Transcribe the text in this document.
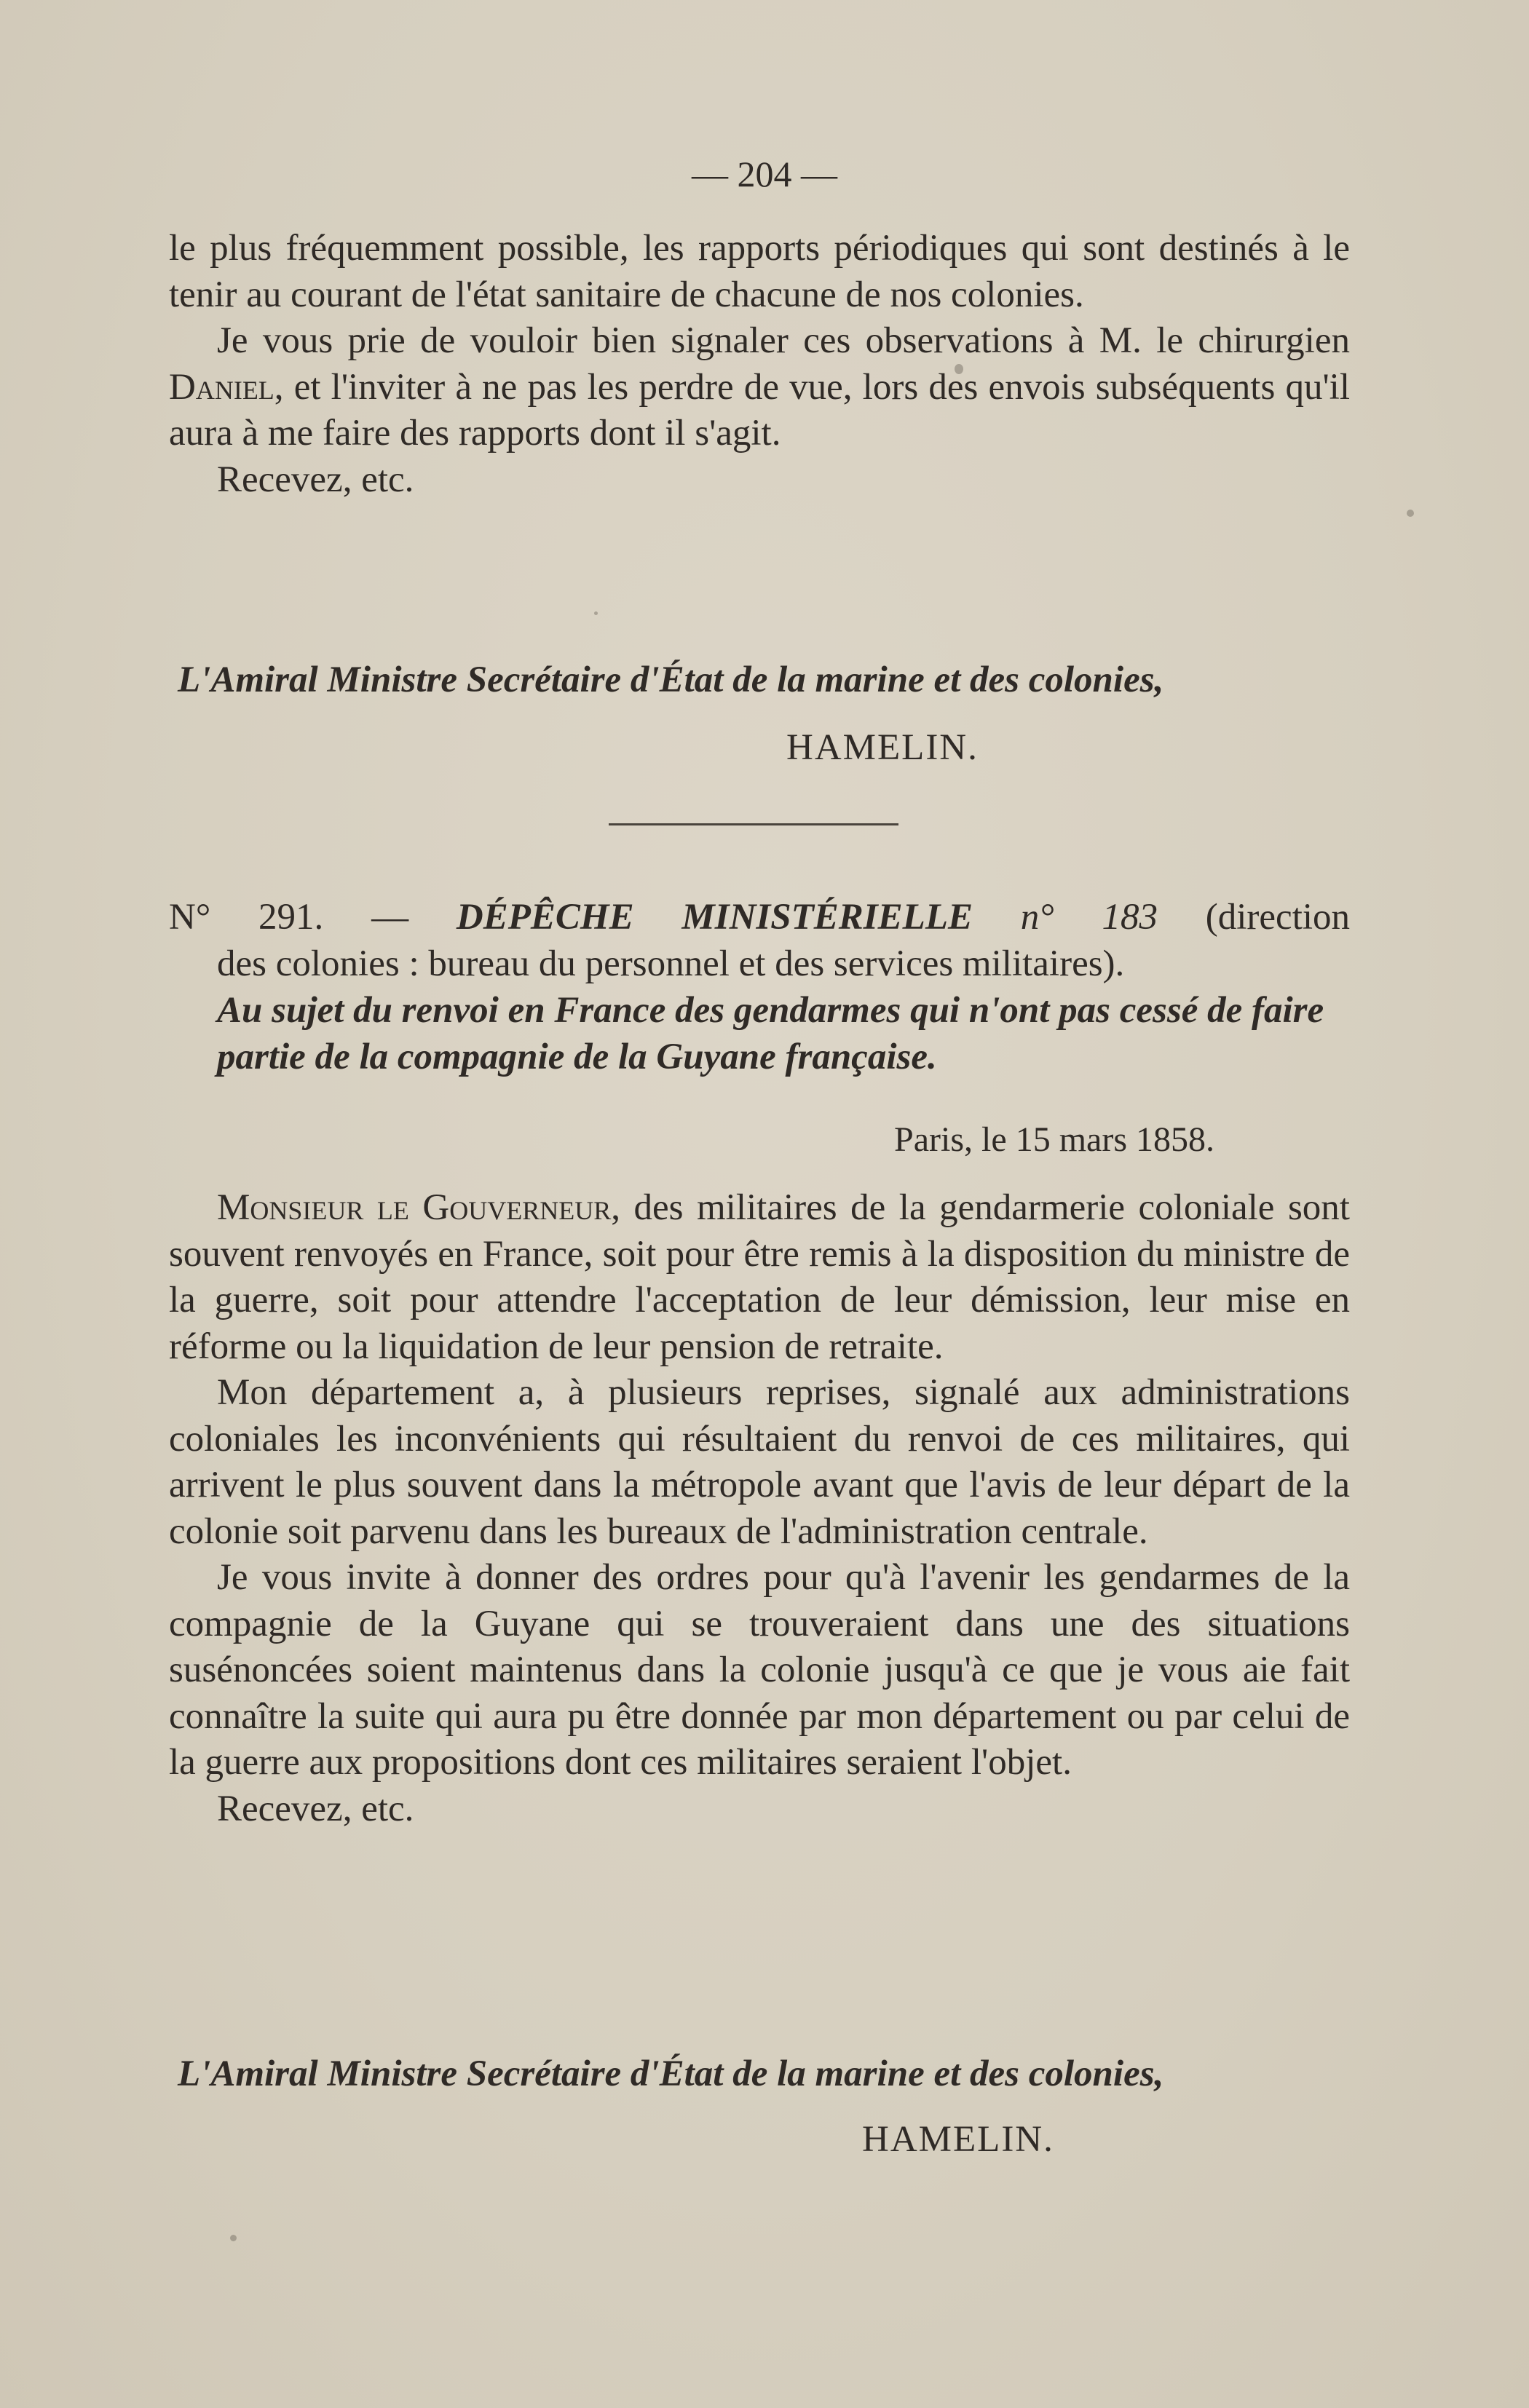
— 204 —

le plus fréquemment possible, les rapports périodiques qui sont destinés à le tenir au courant de l'état sanitaire de chacune de nos colonies.

Je vous prie de vouloir bien signaler ces observations à M. le chirurgien Daniel, et l'inviter à ne pas les perdre de vue, lors des envois subséquents qu'il aura à me faire des rapports dont il s'agit.

Recevez, etc.

L'Amiral Ministre Secrétaire d'État de la marine et des colonies,
HAMELIN.
N° 291. — DÉPÊCHE MINISTÉRIELLE n° 183 (direction
des colonies : bureau du personnel et des services militaires).
Au sujet du renvoi en France des gendarmes qui n'ont pas cessé de faire partie de la compagnie de la Guyane française.
Paris, le 15 mars 1858.

Monsieur le Gouverneur, des militaires de la gendarmerie coloniale sont souvent renvoyés en France, soit pour être remis à la disposition du ministre de la guerre, soit pour attendre l'acceptation de leur démission, leur mise en réforme ou la liquidation de leur pension de retraite.

Mon département a, à plusieurs reprises, signalé aux administrations coloniales les inconvénients qui résultaient du renvoi de ces militaires, qui arrivent le plus souvent dans la métropole avant que l'avis de leur départ de la colonie soit parvenu dans les bureaux de l'administration centrale.

Je vous invite à donner des ordres pour qu'à l'avenir les gendarmes de la compagnie de la Guyane qui se trouveraient dans une des situations susénoncées soient maintenus dans la colonie jusqu'à ce que je vous aie fait connaître la suite qui aura pu être donnée par mon département ou par celui de la guerre aux propositions dont ces militaires seraient l'objet.

Recevez, etc.

L'Amiral Ministre Secrétaire d'État de la marine et des colonies,
HAMELIN.
